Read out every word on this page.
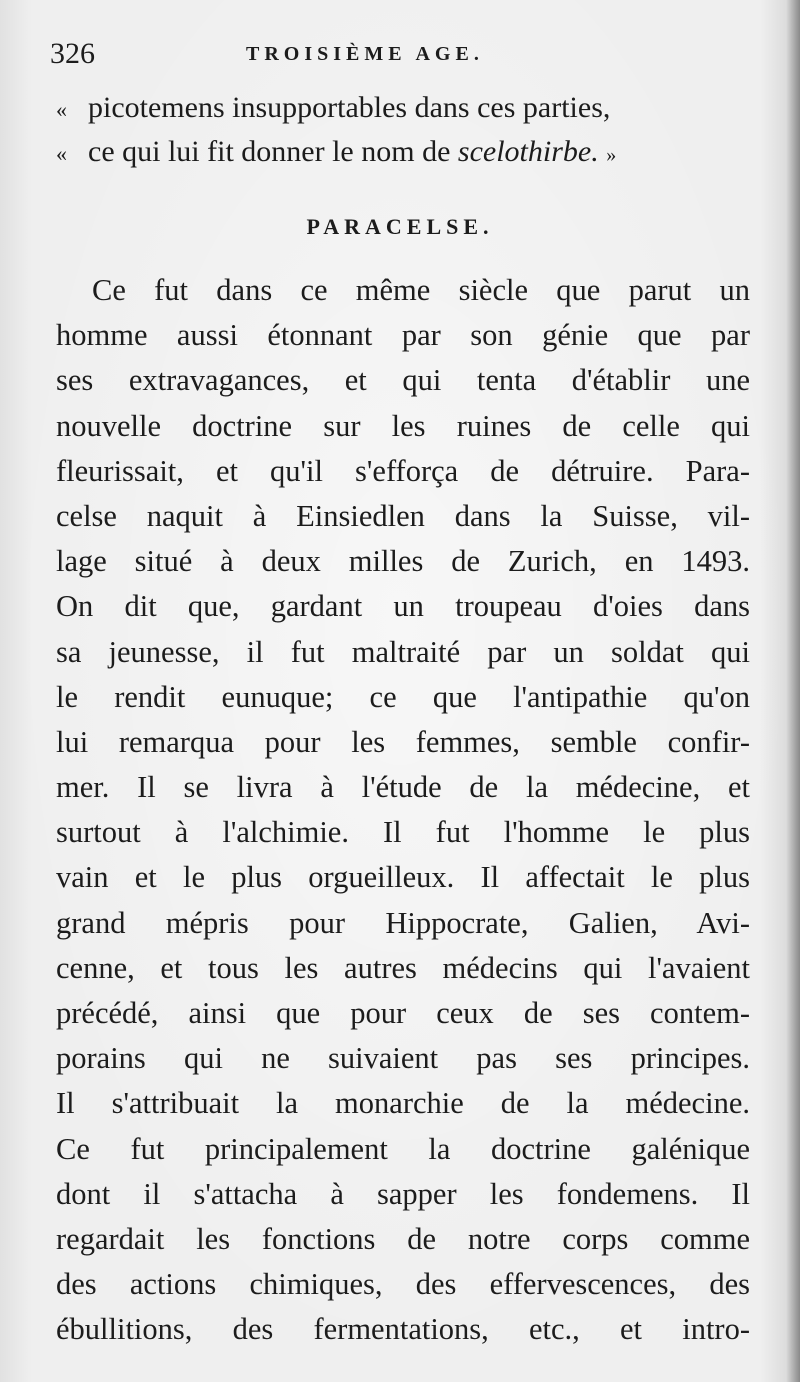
326	TROISIÈME AGE.
« picotemens insupportables dans ces parties,
« ce qui lui fit donner le nom de scelothirbe. »
PARACELSE.
Ce fut dans ce même siècle que parut un
homme aussi étonnant par son génie que par
ses extravagances, et qui tenta d'établir une
nouvelle doctrine sur les ruines de celle qui
fleurissait, et qu'il s'efforça de détruire. Para-
celse naquit à Einsiedlen dans la Suisse, vil-
lage situé à deux milles de Zurich, en 1493.
On dit que, gardant un troupeau d'oies dans
sa jeunesse, il fut maltraité par un soldat qui
le rendit eunuque; ce que l'antipathie qu'on
lui remarqua pour les femmes, semble confir-
mer. Il se livra à l'étude de la médecine, et
surtout à l'alchimie. Il fut l'homme le plus
vain et le plus orgueilleux. Il affectait le plus
grand mépris pour Hippocrate, Galien, Avi-
cenne, et tous les autres médecins qui l'avaient
précédé, ainsi que pour ceux de ses contem-
porains qui ne suivaient pas ses principes.
Il s'attribuait la monarchie de la médecine.
Ce fut principalement la doctrine galénique
dont il s'attacha à sapper les fondemens. Il
regardait les fonctions de notre corps comme
des actions chimiques, des effervescences, des
ébullitions, des fermentations, etc., et intro-
